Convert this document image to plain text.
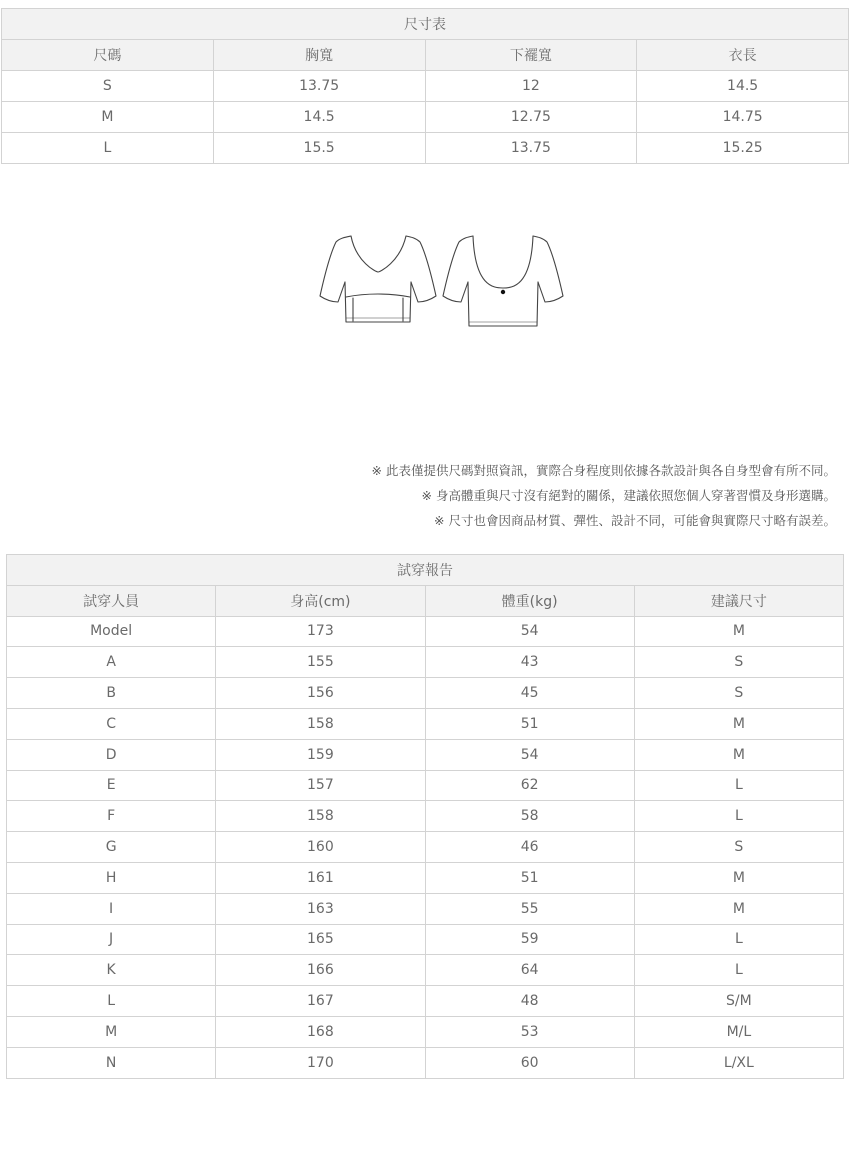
尺寸表			
尺碼	胸寬	下襬寬	衣長
S	13.75	12	14.5
M	14.5	12.75	14.75
L	15.5	13.75	15.25
※ 此表僅提供尺碼對照資訊，實際合身程度則依據各款設計與各自身型會有所不同。
※ 身高體重與尺寸沒有絕對的關係，建議依照您個人穿著習慣及身形選購。
※ 尺寸也會因商品材質、彈性、設計不同，可能會與實際尺寸略有誤差。
試穿報告			
試穿人員	身高(cm)	體重(kg)	建議尺寸
Model	173	54	M
A	155	43	S
B	156	45	S
C	158	51	M
D	159	54	M
E	157	62	L
F	158	58	L
G	160	46	S
H	161	51	M
I	163	55	M
J	165	59	L
K	166	64	L
L	167	48	S/M
M	168	53	M/L
N	170	60	L/XL
